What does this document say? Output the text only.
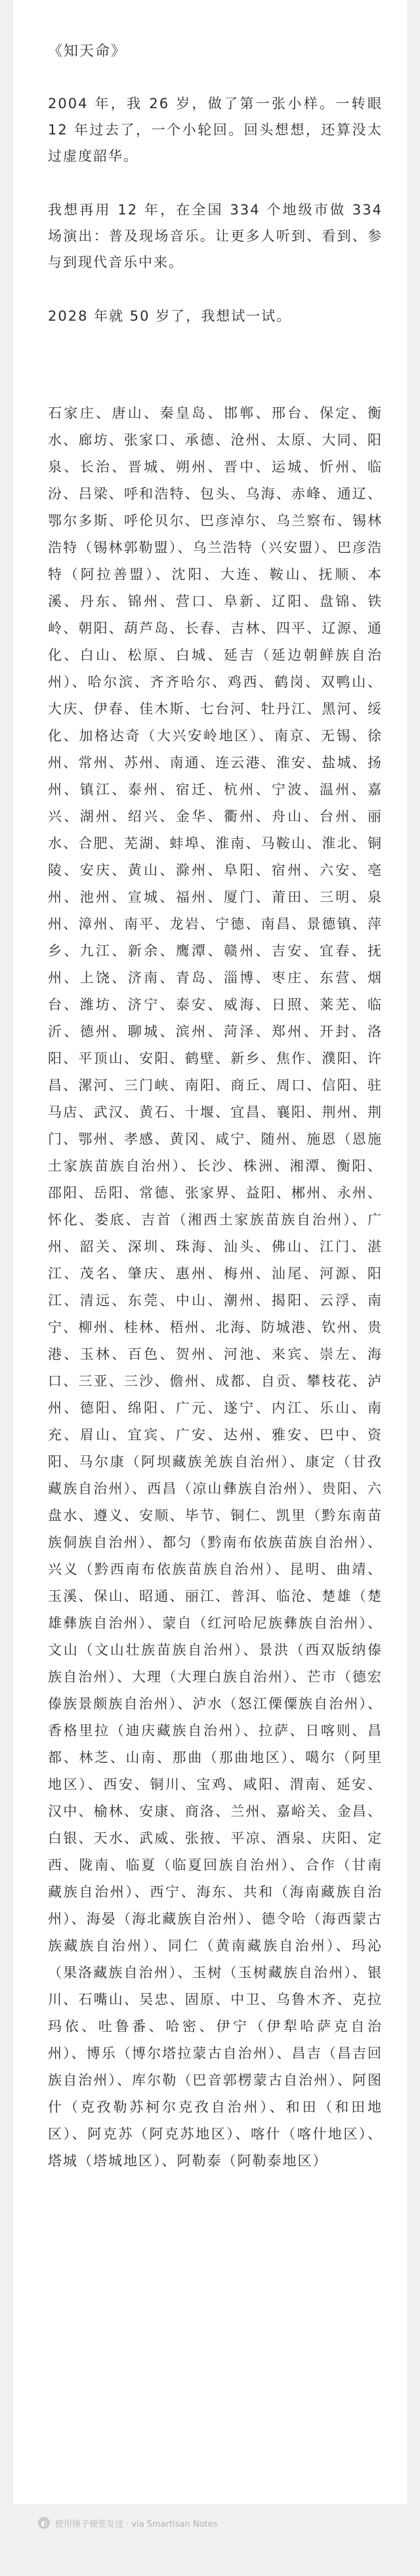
《知天命》
2004 年，我 26 岁，做了第一张小样。一转眼 12 年过去了，一个小轮回。回头想想，还算没太过虚度韶华。
我想再用 12 年，在全国 334 个地级市做 334 场演出：普及现场音乐。让更多人听到、看到、参与到现代音乐中来。
2028 年就 50 岁了，我想试一试。
石家庄、唐山、秦皇岛、邯郸、邢台、保定、衡水、廊坊、张家口、承德、沧州、太原、大同、阳泉、长治、晋城、朔州、晋中、运城、忻州、临汾、吕梁、呼和浩特、包头、乌海、赤峰、通辽、鄂尔多斯、呼伦贝尔、巴彦淖尔、乌兰察布、锡林浩特（锡林郭勒盟）、乌兰浩特（兴安盟）、巴彦浩特（阿拉善盟）、沈阳、大连、鞍山、抚顺、本溪、丹东、锦州、营口、阜新、辽阳、盘锦、铁岭、朝阳、葫芦岛、长春、吉林、四平、辽源、通化、白山、松原、白城、延吉（延边朝鲜族自治州）、哈尔滨、齐齐哈尔、鸡西、鹤岗、双鸭山、大庆、伊春、佳木斯、七台河、牡丹江、黑河、绥化、加格达奇（大兴安岭地区）、南京、无锡、徐州、常州、苏州、南通、连云港、淮安、盐城、扬州、镇江、泰州、宿迁、杭州、宁波、温州、嘉兴、湖州、绍兴、金华、衢州、舟山、台州、丽水、合肥、芜湖、蚌埠、淮南、马鞍山、淮北、铜陵、安庆、黄山、滁州、阜阳、宿州、六安、亳州、池州、宣城、福州、厦门、莆田、三明、泉州、漳州、南平、龙岩、宁德、南昌、景德镇、萍乡、九江、新余、鹰潭、赣州、吉安、宜春、抚州、上饶、济南、青岛、淄博、枣庄、东营、烟台、潍坊、济宁、泰安、威海、日照、莱芜、临沂、德州、聊城、滨州、菏泽、郑州、开封、洛阳、平顶山、安阳、鹤壁、新乡、焦作、濮阳、许昌、漯河、三门峡、南阳、商丘、周口、信阳、驻马店、武汉、黄石、十堰、宜昌、襄阳、荆州、荆门、鄂州、孝感、黄冈、咸宁、随州、施恩（恩施土家族苗族自治州）、长沙、株洲、湘潭、衡阳、邵阳、岳阳、常德、张家界、益阳、郴州、永州、怀化、娄底、吉首（湘西土家族苗族自治州）、广州、韶关、深圳、珠海、汕头、佛山、江门、湛江、茂名、肇庆、惠州、梅州、汕尾、河源、阳江、清远、东莞、中山、潮州、揭阳、云浮、南宁、柳州、桂林、梧州、北海、防城港、钦州、贵港、玉林、百色、贺州、河池、来宾、崇左、海口、三亚、三沙、儋州、成都、自贡、攀枝花、泸州、德阳、绵阳、广元、遂宁、内江、乐山、南充、眉山、宜宾、广安、达州、雅安、巴中、资阳、马尔康（阿坝藏族羌族自治州）、康定（甘孜藏族自治州）、西昌（凉山彝族自治州）、贵阳、六盘水、遵义、安顺、毕节、铜仁、凯里（黔东南苗族侗族自治州）、都匀（黔南布依族苗族自治州）、兴义（黔西南布依族苗族自治州）、昆明、曲靖、玉溪、保山、昭通、丽江、普洱、临沧、楚雄（楚雄彝族自治州）、蒙自（红河哈尼族彝族自治州）、文山（文山壮族苗族自治州）、景洪（西双版纳傣族自治州）、大理（大理白族自治州）、芒市（德宏傣族景颇族自治州）、泸水（怒江傈僳族自治州）、香格里拉（迪庆藏族自治州）、拉萨、日喀则、昌都、林芝、山南、那曲（那曲地区）、噶尔（阿里地区）、西安、铜川、宝鸡、咸阳、渭南、延安、汉中、榆林、安康、商洛、兰州、嘉峪关、金昌、白银、天水、武威、张掖、平凉、酒泉、庆阳、定西、陇南、临夏（临夏回族自治州）、合作（甘南藏族自治州）、西宁、海东、共和（海南藏族自治州）、海晏（海北藏族自治州）、德令哈（海西蒙古族藏族自治州）、同仁（黄南藏族自治州）、玛沁（果洛藏族自治州）、玉树（玉树藏族自治州）、银川、石嘴山、吴忠、固原、中卫、乌鲁木齐、克拉玛依、吐鲁番、哈密、伊宁（伊犁哈萨克自治州）、博乐（博尔塔拉蒙古自治州）、昌吉（昌吉回族自治州）、库尔勒（巴音郭楞蒙古自治州）、阿图什（克孜勒苏柯尔克孜自治州）、和田（和田地区）、阿克苏（阿克苏地区）、喀什（喀什地区）、塔城（塔城地区）、阿勒泰（阿勒泰地区）
◐ 使用锤子便签发送 · via Smartisan Notes
